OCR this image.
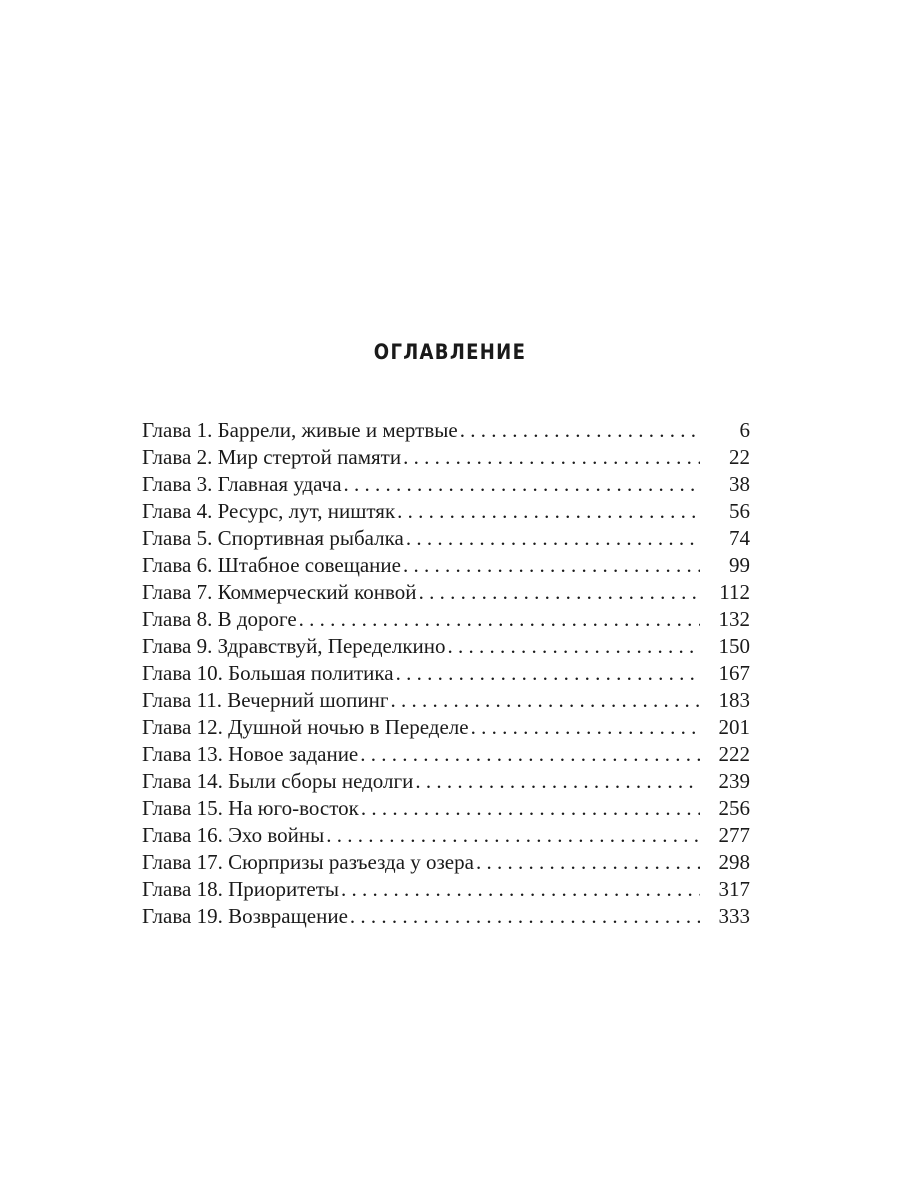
ОГЛАВЛЕНИЕ
Глава 1. Баррели, живые и мертвые . . .	6
Глава 2. Мир стертой памяти . . .	22
Глава 3. Главная удача . . .	38
Глава 4. Ресурс, лут, ништяк . . .	56
Глава 5. Спортивная рыбалка . . .	74
Глава 6. Штабное совещание . . .	99
Глава 7. Коммерческий конвой . . .	112
Глава 8. В дороге . . .	132
Глава 9. Здравствуй, Переделкино . . .	150
Глава 10. Большая политика . . .	167
Глава 11. Вечерний шопинг . . .	183
Глава 12. Душной ночью в Переделе . . .	201
Глава 13. Новое задание . . .	222
Глава 14. Были сборы недолги . . .	239
Глава 15. На юго-восток . . .	256
Глава 16. Эхо войны . . .	277
Глава 17. Сюрпризы разъезда у озера . . .	298
Глава 18. Приоритеты . . .	317
Глава 19. Возвращение . . .	333
